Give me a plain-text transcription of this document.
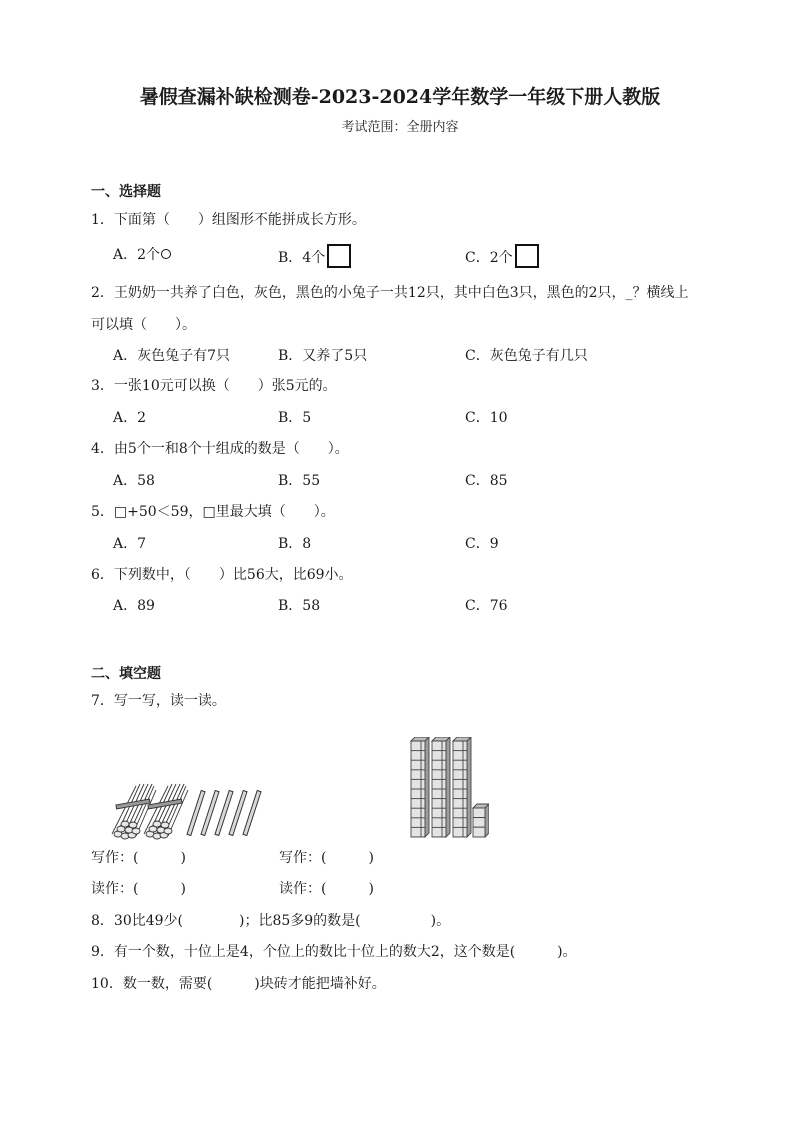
暑假查漏补缺检测卷-2023-2024学年数学一年级下册人教版
考试范围：全册内容
一、选择题
1．下面第（　　）组图形不能拼成长方形。
A．2个	B．4个	C．2个
2．王奶奶一共养了白色，灰色，黑色的小兔子一共12只，其中白色3只，黑色的2只，_？横线上
可以填（　　）。
A．灰色兔子有7只	B．又养了5只	C．灰色兔子有几只
3．一张10元可以换（　　）张5元的。
A．2	B．5	C．10
4．由5个一和8个十组成的数是（　　）。
A．58	B．55	C．85
5．□+50＜59，□里最大填（　　）。
A．7	B．8	C．9
6．下列数中，（　　）比56大，比69小。
A．89	B．58	C．76
二、填空题
7．写一写，读一读。
写作：(　　　)	写作：(　　　)
读作：(　　　)	读作：(　　　)
8．30比49少(　　　　)；比85多9的数是(　　　　　)。
9．有一个数，十位上是4，个位上的数比十位上的数大2，这个数是(　　　)。
10．数一数，需要(　　　)块砖才能把墙补好。
